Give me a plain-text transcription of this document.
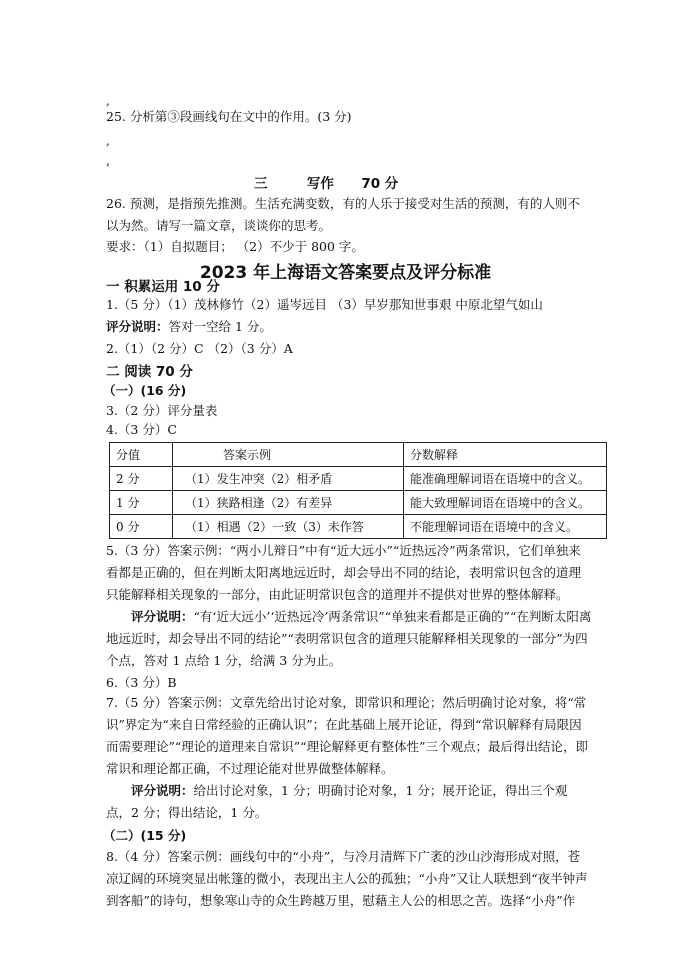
,
25. 分析第③段画线句在文中的作用。(3 分)
,
,
三	写作 70 分
26. 预测，是指预先推测。生活充满变数，有的人乐于接受对生活的预测，有的人则不以为然。请写一篇文章，谈谈你的思考。
要求：（1）自拟题目； （2）不少于 800 字。
2023 年上海语文答案要点及评分标准
一 积累运用 10 分
1.（5 分）（1）茂林修竹（2）遥岑远目 （3）早岁那知世事艰 中原北望气如山
评分说明：答对一空给 1 分。
2.（1）（2 分）C （2）（3 分）A
二 阅读 70 分
（一）(16 分)
3.（2 分）评分量表
4.（3 分）C
分值	答案示例	分数解释
2 分	（1）发生冲突（2）相矛盾	能准确理解词语在语境中的含义。
1 分	（1）狭路相逢（2）有差异	能大致理解词语在语境中的含义。
0 分	（1）相遇（2）一致（3）未作答	不能理解词语在语境中的含义。
5.（3 分）答案示例：“两小儿辩日”中有“近大远小”“近热远冷”两条常识，它们单独来看都是正确的，但在判断太阳离地远近时，却会导出不同的结论，表明常识包含的道理只能解释相关现象的一部分，由此证明常识包含的道理并不提供对世界的整体解释。
评分说明：“有‘近大远小’‘近热远冷’两条常识”“单独来看都是正确的”“在判断太阳离地远近时，却会导出不同的结论”“表明常识包含的道理只能解释相关现象的一部分”为四个点，答对 1 点给 1 分，给满 3 分为止。
6.（3 分）B
7.（5 分）答案示例：文章先给出讨论对象，即常识和理论；然后明确讨论对象，将“常识”界定为“来自日常经验的正确认识”；在此基础上展开论证，得到“常识解释有局限因而需要理论”“理论的道理来自常识”“理论解释更有整体性”三个观点；最后得出结论，即常识和理论都正确，不过理论能对世界做整体解释。
评分说明：给出讨论对象，1 分；明确讨论对象，1 分；展开论证，得出三个观点，2 分；得出结论，1 分。
（二）(15 分)
8.（4 分）答案示例：画线句中的“小舟”，与冷月清辉下广袤的沙山沙海形成对照，苍凉辽阔的环境突显出帐篷的微小，表现出主人公的孤独；“小舟”又让人联想到“夜半钟声到客船”的诗句，想象寒山寺的众生跨越万里，慰藉主人公的相思之苦。选择“小舟”作
